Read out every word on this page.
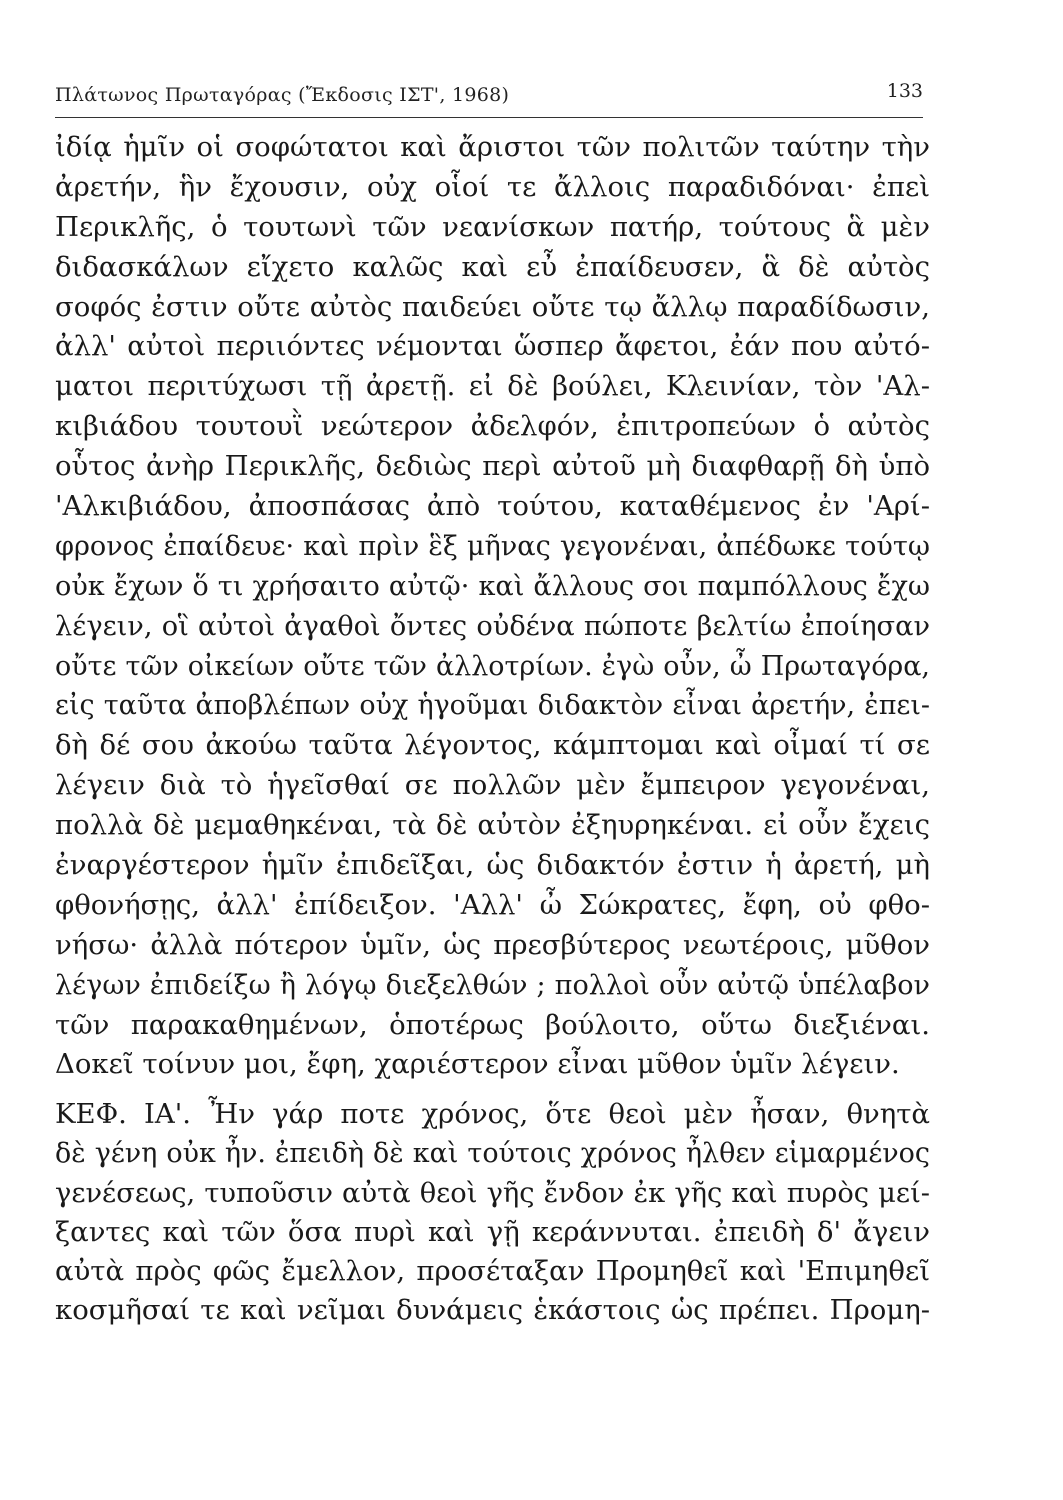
Πλάτωνος Πρωταγόρας (Ἔκδοσις ΙΣΤ', 1968)	133
ἰδίᾳ ἡμῖν οἱ σοφώτατοι καὶ ἄριστοι τῶν πολιτῶν ταύτην τὴν
ἀρετήν, ἣν ἔχουσιν, οὐχ οἷοί τε ἄλλοις παραδιδόναι· ἐπεὶ
Περικλῆς, ὁ τουτωνὶ τῶν νεανίσκων πατήρ, τούτους ἃ μὲν
διδασκάλων εἴχετο καλῶς καὶ εὖ ἐπαίδευσεν, ἃ δὲ αὐτὸς
σοφός ἐστιν οὔτε αὐτὸς παιδεύει οὔτε τῳ ἄλλῳ παραδίδωσιν,
ἀλλ' αὐτοὶ περιιόντες νέμονται ὥσπερ ἄφετοι, ἐάν που αὐτό-
ματοι περιτύχωσι τῇ ἀρετῇ. εἰ δὲ βούλει, Κλεινίαν, τὸν 'Αλ-
κιβιάδου τουτουῒ νεώτερον ἀδελφόν, ἐπιτροπεύων ὁ αὐτὸς
οὗτος ἀνὴρ Περικλῆς, δεδιὼς περὶ αὐτοῦ μὴ διαφθαρῇ δὴ ὑπὸ
'Αλκιβιάδου, ἀποσπάσας ἀπὸ τούτου, καταθέμενος ἐν 'Αρί-
φρονος ἐπαίδευε· καὶ πρὶν ἓξ μῆνας γεγονέναι, ἀπέδωκε τούτῳ
οὐκ ἔχων ὅ τι χρήσαιτο αὐτῷ· καὶ ἄλλους σοι παμπόλλους ἔχω
λέγειν, οἳ αὐτοὶ ἀγαθοὶ ὄντες οὐδένα πώποτε βελτίω ἐποίησαν
οὔτε τῶν οἰκείων οὔτε τῶν ἀλλοτρίων. ἐγὼ οὖν, ὦ Πρωταγόρα,
εἰς ταῦτα ἀποβλέπων οὐχ ἡγοῦμαι διδακτὸν εἶναι ἀρετήν, ἐπει-
δὴ δέ σου ἀκούω ταῦτα λέγοντος, κάμπτομαι καὶ οἶμαί τί σε
λέγειν διὰ τὸ ἡγεῖσθαί σε πολλῶν μὲν ἔμπειρον γεγονέναι,
πολλὰ δὲ μεμαθηκέναι, τὰ δὲ αὐτὸν ἐξηυρηκέναι. εἰ οὖν ἔχεις
ἐναργέστερον ἡμῖν ἐπιδεῖξαι, ὡς διδακτόν ἐστιν ἡ ἀρετή, μὴ
φθονήσῃς, ἀλλ' ἐπίδειξον. 'Αλλ' ὦ Σώκρατες, ἔφη, οὐ φθο-
νήσω· ἀλλὰ πότερον ὑμῖν, ὡς πρεσβύτερος νεωτέροις, μῦθον
λέγων ἐπιδείξω ἢ λόγῳ διεξελθών ; πολλοὶ οὖν αὐτῷ ὑπέλαβον
τῶν παρακαθημένων, ὁποτέρως βούλοιτο, οὕτω διεξιέναι.
Δοκεῖ τοίνυν μοι, ἔφη, χαριέστερον εἶναι μῦθον ὑμῖν λέγειν.
ΚΕΦ. ΙΑ'. Ἦν γάρ ποτε χρόνος, ὅτε θεοὶ μὲν ἦσαν, θνητὰ
δὲ γένη οὐκ ἦν. ἐπειδὴ δὲ καὶ τούτοις χρόνος ἦλθεν εἱμαρμένος
γενέσεως, τυποῦσιν αὐτὰ θεοὶ γῆς ἔνδον ἐκ γῆς καὶ πυρὸς μεί-
ξαντες καὶ τῶν ὅσα πυρὶ καὶ γῇ κεράννυται. ἐπειδὴ δ' ἄγειν
αὐτὰ πρὸς φῶς ἔμελλον, προσέταξαν Προμηθεῖ καὶ 'Επιμηθεῖ
κοσμῆσαί τε καὶ νεῖμαι δυνάμεις ἑκάστοις ὡς πρέπει. Προμη-
